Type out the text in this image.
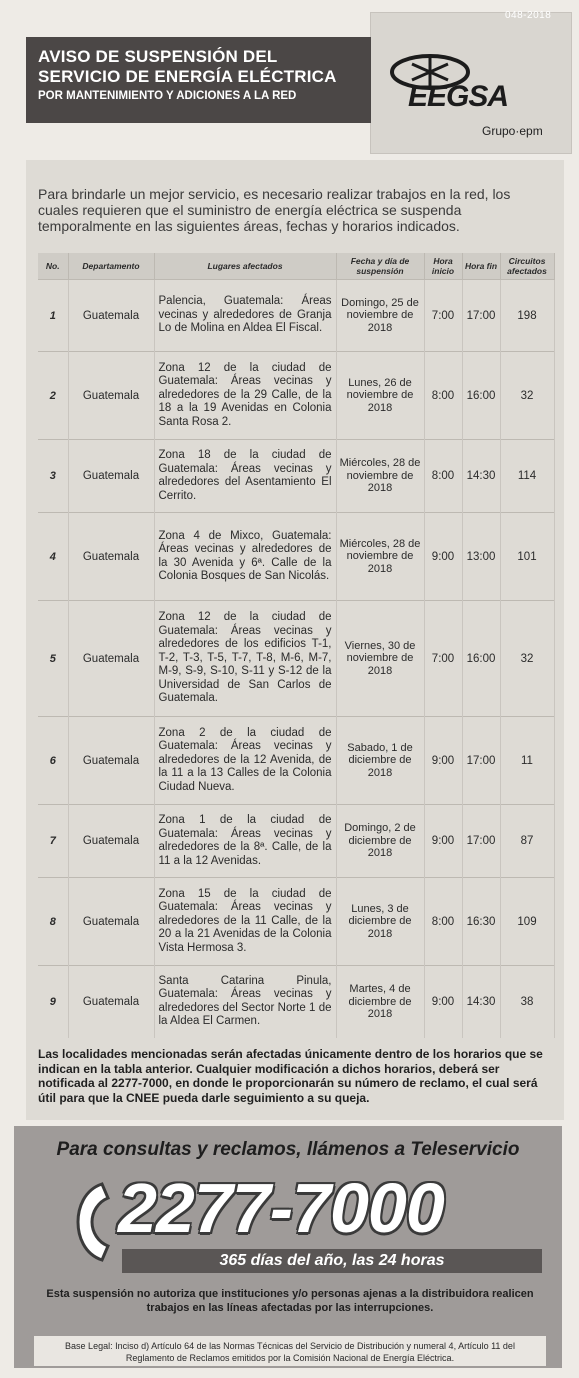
048-2018
AVISO DE SUSPENSIÓN DEL
SERVICIO DE ENERGÍA ELÉCTRICA
POR MANTENIMIENTO Y ADICIONES A LA RED	EEGSA
Grupo·epm
Para brindarle un mejor servicio, es necesario realizar trabajos en la red, los cuales requieren que el suministro de energía eléctrica se suspenda temporalmente en las siguientes áreas, fechas y horarios indicados.
No.	Departamento	Lugares afectados	Fecha y día de suspensión	Hora inicio	Hora fin	Circuitos afectados
1	Guatemala	Palencia, Guatemala: Áreas vecinas y alrededores de Granja Lo de Molina en Aldea El Fiscal.	Domingo, 25 de noviembre de 2018	7:00	17:00	198
2	Guatemala	Zona 12 de la ciudad de Guatemala: Áreas vecinas y alrededores de la 29 Calle, de la 18 a la 19 Avenidas en Colonia Santa Rosa 2.	Lunes, 26 de noviembre de 2018	8:00	16:00	32
3	Guatemala	Zona 18 de la ciudad de Guatemala: Áreas vecinas y alrededores del Asentamiento El Cerrito.	Miércoles, 28 de noviembre de 2018	8:00	14:30	114
4	Guatemala	Zona 4 de Mixco, Guatemala: Áreas vecinas y alrededores de la 30 Avenida y 6ª. Calle de la Colonia Bosques de San Nicolás.	Miércoles, 28 de noviembre de 2018	9:00	13:00	101
5	Guatemala	Zona 12 de la ciudad de Guatemala: Áreas vecinas y alrededores de los edificios T-1, T-2, T-3, T-5, T-7, T-8, M-6, M-7, M-9, S-9, S-10, S-11 y S-12 de la Universidad de San Carlos de Guatemala.	Viernes, 30 de noviembre de 2018	7:00	16:00	32
6	Guatemala	Zona 2 de la ciudad de Guatemala: Áreas vecinas y alrededores de la 12 Avenida, de la 11 a la 13 Calles de la Colonia Ciudad Nueva.	Sabado, 1 de diciembre de 2018	9:00	17:00	11
7	Guatemala	Zona 1 de la ciudad de Guatemala: Áreas vecinas y alrededores de la 8ª. Calle, de la 11 a la 12 Avenidas.	Domingo, 2 de diciembre de 2018	9:00	17:00	87
8	Guatemala	Zona 15 de la ciudad de Guatemala: Áreas vecinas y alrededores de la 11 Calle, de la 20 a la 21 Avenidas de la Colonia Vista Hermosa 3.	Lunes, 3 de diciembre de 2018	8:00	16:30	109
9	Guatemala	Santa Catarina Pinula, Guatemala: Áreas vecinas y alrededores del Sector Norte 1 de la Aldea El Carmen.	Martes, 4 de diciembre de 2018	9:00	14:30	38
Las localidades mencionadas serán afectadas únicamente dentro de los horarios que se indican en la tabla anterior. Cualquier modificación a dichos horarios, deberá ser notificada al 2277-7000, en donde le proporcionarán su número de reclamo, el cual será útil para que la CNEE pueda darle seguimiento a su queja.
Para consultas y reclamos, llámenos a Teleservicio
2277-7000
365 días del año, las 24 horas
Esta suspensión no autoriza que instituciones y/o personas ajenas a la distribuidora realicen trabajos en las líneas afectadas por las interrupciones.
Base Legal: Inciso d) Artículo 64 de las Normas Técnicas del Servicio de Distribución y numeral 4, Artículo 11 del Reglamento de Reclamos emitidos por la Comisión Nacional de Energía Eléctrica.
